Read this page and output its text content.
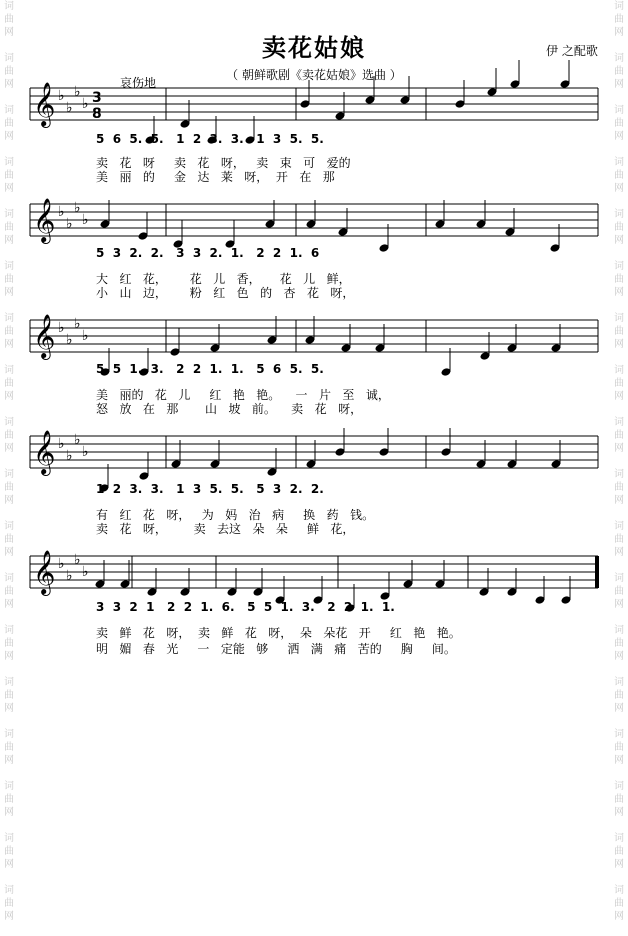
词
曲
网

词
曲
网

词
曲
网

词
曲
网

词
曲
网

词
曲
网

词
曲
网

词
曲
网

词
曲
网

词
曲
网

词
曲
网

词
曲
网

词
曲
网

词
曲
网

词
曲
网

词
曲
网

词
曲
网

词
曲
网

词
曲
网

词
曲
网

词
曲
网

词
曲
网

词
曲
网

词
曲
网

词
曲
网

词
曲
网

词
曲
网

词
曲
网

词
曲
网

词
曲
网

词
曲
网

词
曲
网

词
曲
网

词
曲
网

词
曲
网

词
曲
网

卖花姑娘	伊 之配歌
（ 朝鲜歌剧《卖花姑娘》选曲 ）
哀伤地
𝄞 ♭
♭
♭
♭ 3
8
𝄞 ♭
♭
♭
♭
𝄞 ♭
♭
♭
♭
𝄞 ♭
♭
♭
♭
𝄞 ♭
♭
♭
♭
5  6  5.  5.   1  2  3.  3.   1  3  5.  5.
卖   花   呀     卖   花   呀，   卖   束   可   爱的
美   丽   的     金   达   莱   呀，  开   在   那
5  3  2.  2.   3  3  2.  1.   2  2  1.  6
大   红   花，      花   儿   香，     花   儿   鲜，
小   山   边，      粉   红   色   的   杏   花   呀，
5  5  1.  3.   2  2  1.  1.   5  6  5.  5.
美   丽的   花   儿     红   艳   艳。    一   片   至   诚，
怒   放   在   那       山   坡   前。    卖   花   呀，
1  2  3.  3.   1  3  5.  5.   5  3  2.  2.
有   红   花   呀，   为   妈   治   病     换   药   钱。
卖   花   呀，       卖   去这   朵   朵     鲜   花，
3  3  2  1   2  2  1.  6.   5  5  1.  3.   2  2  1.  1.
卖   鲜   花   呀，  卖   鲜   花   呀，  朵   朵花   开     红   艳   艳。
明   媚   春   光     一   定能   够     洒   满   痛   苦的     胸     间。
